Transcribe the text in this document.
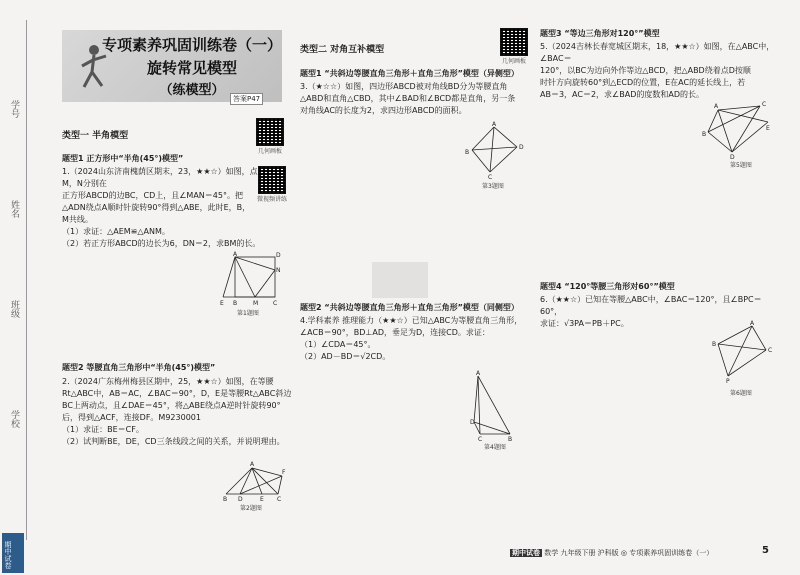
学号
姓名
班级
学校
期中试卷
专项素养巩固训练卷（一）
旋转常见模型
（练模型）
答案P47
几何画板
微视频讲练
几何画板
类型一 半角模型
题型1 正方形中“半角(45°)模型”
1.（2024山东济南槐荫区期末，23，★★☆）如图，点M，N分别在
正方形ABCD的边BC，CD上，且∠MAN＝45°。把
△ADN绕点A顺时针旋转90°得到△ABE，此时E，B，
M共线。
（1）求证：△AEM≌△ANM。
（2）若正方形ABCD的边长为6，DN＝2，求BM的长。
A	D
N
E B	M C
第1题图
题型2 等腰直角三角形中“半角(45°)模型”
2.（2024广东梅州梅县区期中，25，★★☆）如图，在等腰
Rt△ABC中，AB＝AC，∠BAC＝90°，D，E是等腰Rt△ABC斜边
BC上两动点，且∠DAE＝45°，将△ABE绕点A逆时针旋转90°
后，得到△ACF，连接DF。M9230001
（1）求证：BE＝CF。
（2）试判断BE，DE，CD三条线段之间的关系，并说明理由。
A
F
B D	E C
第2题图
类型二 对角互补模型
题型1 “共斜边等腰直角三角形＋直角三角形”模型（异侧型）
3.（★☆☆）如图，四边形ABCD被对角线BD分为等腰直角
△ABD和直角△CBD，其中∠BAD和∠BCD都是直角，另一条
对角线AC的长度为2，求四边形ABCD的面积。
A
B
D
C
第3题图
题型2 “共斜边等腰直角三角形＋直角三角形”模型（同侧型）
4.学科素养 推理能力（★★☆）已知△ABC为等腰直角三角形，
∠ACB＝90°，BD⊥AD，垂足为D，连接CD。求证：
（1）∠CDA＝45°。
（2）AD－BD＝√2CD。
A
D
C	B
第4题图
题型3 “等边三角形对120°”模型
5.（2024吉林长春宽城区期末，18，★★☆）如图，在△ABC中，∠BAC＝
120°，以BC为边向外作等边△BCD，把△ABD绕着点D按顺
时针方向旋转60°到△ECD的位置，E在AC的延长线上，若
AB＝3，AC＝2，求∠BAD的度数和AD的长。
A	C
E
B
D
第5题图
题型4 “120°等腰三角形对60°”模型
6.（★★☆）已知在等腰△ABC中，∠BAC＝120°，且∠BPC＝60°，
求证：√3PA＝PB＋PC。	A
B
C
P
第6题图
期中试卷 数学 九年级下册 沪科版 ◎ 专项素养巩固训练卷（一）	5
